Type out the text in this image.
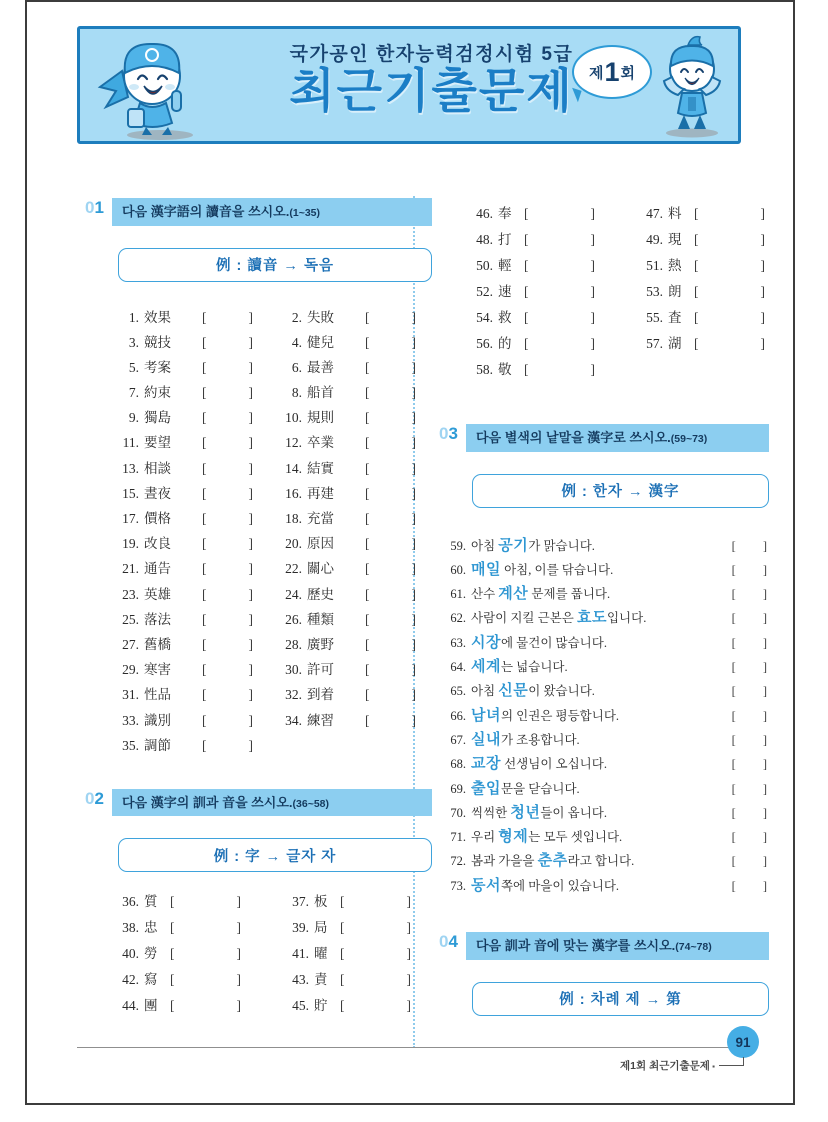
국가공인 한자능력검정시험 5급
최근기출문제	제 1 회
01	다음 漢字語의 讀音을 쓰시오.(1~35)
例 : 讀音 → 독음
1. 效果	[	]	2. 失敗	[	]
3. 競技	[	]	4. 健兒	[	]
5. 考案	[	]	6. 最善	[	]
7. 約束	[	]	8. 船首	[	]
9. 獨島	[	]	10. 規則	[	]
11. 要望	[	]	12. 卒業	[	]
13. 相談	[	]	14. 結實	[	]
15. 晝夜	[	]	16. 再建	[	]
17. 價格	[	]	18. 充當	[	]
19. 改良	[	]	20. 原因	[	]
21. 通告	[	]	22. 關心	[	]
23. 英雄	[	]	24. 歷史	[	]
25. 落法	[	]	26. 種類	[	]
27. 舊橋	[	]	28. 廣野	[	]
29. 寒害	[	]	30. 許可	[	]
31. 性品	[	]	32. 到着	[	]
33. 識別	[	]	34. 練習	[	]
35. 調節	[	]
02	다음 漢字의 訓과 音을 쓰시오.(36~58)
例 : 字 → 글자 자
36. 質 [	]	37. 板 [	]
38. 忠 [	]	39. 局 [	]
40. 勞 [	]	41. 曜 [	]
42. 寫 [	]	43. 責 [	]
44. 團 [	]	45. 貯 [	]
46. 奉 [	]	47. 料 [	]
48. 打 [	]	49. 現 [	]
50. 輕 [	]	51. 熱 [	]
52. 速 [	]	53. 朗 [	]
54. 救 [	]	55. 査 [	]
56. 的 [	]	57. 湖 [	]
58. 敬 [	]
03	다음 별색의 낱말을 漢字로 쓰시오.(59~73)
例 : 한자 → 漢字
59. 아침 공기가 맑습니다.	[ ]
60. 매일 아침, 이를 닦습니다.	[ ]
61. 산수 계산 문제를 풉니다.	[ ]
62. 사람이 지킬 근본은 효도입니다.	[ ]
63. 시장에 물건이 많습니다.	[ ]
64. 세계는 넓습니다.	[ ]
65. 아침 신문이 왔습니다.	[ ]
66. 남녀의 인권은 평등합니다.	[ ]
67. 실내가 조용합니다.	[ ]
68. 교장 선생님이 오십니다.	[ ]
69. 출입문을 닫습니다.	[ ]
70. 씩씩한 청년들이 옵니다.	[ ]
71. 우리 형제는 모두 셋입니다.	[ ]
72. 봄과 가을을 춘추라고 합니다.	[ ]
73. 동서쪽에 마을이 있습니다.	[ ]
04	다음 訓과 音에 맞는 漢字를 쓰시오.(74~78)
例 : 차례 제 → 第
91
제1회 최근기출문제 ▪
